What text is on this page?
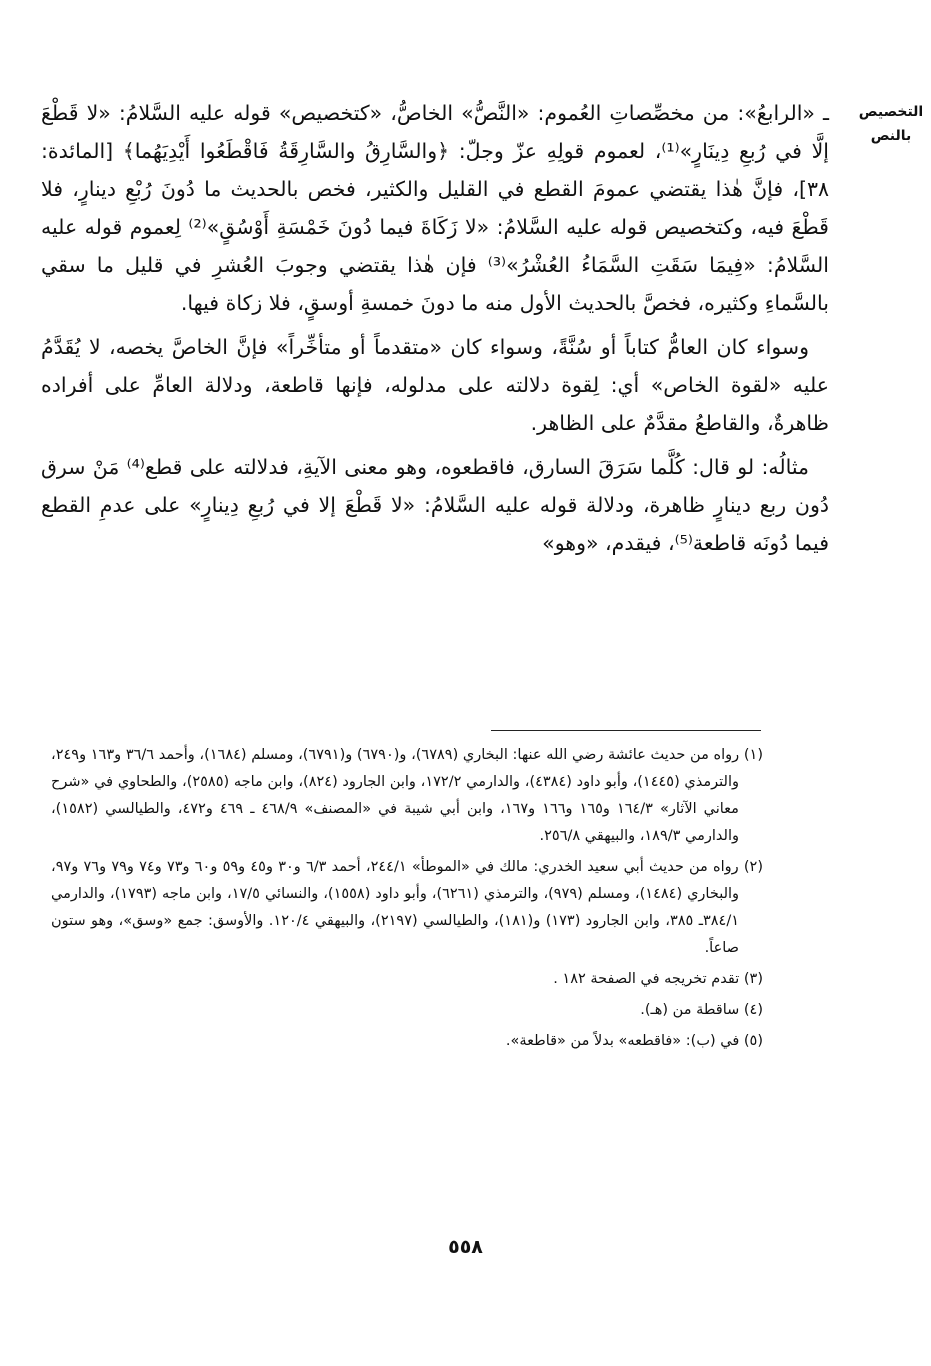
التخصيص بالنص

ـ «الرابعُ»: من مخصِّصاتِ العُموم: «النَّصُّ» الخاصُّ، «كتخصيص» قوله عليه السَّلامُ: «لا قَطْعَ إلَّا في رُبعِ دِينَارٍ»⁽¹⁾، لعموم قولِهِ عزّ وجلّ: ﴿والسَّارِقُ والسَّارِقَةُ فَاقْطَعُوا أَيْدِيَهُما﴾ [المائدة: ٣٨]، فإنَّ هٰذا يقتضي عمومَ القطع في القليل والكثير، فخص بالحديث ما دُونَ رُبْعِ دينارٍ، فلا قَطْعَ فيه، وكتخصيص قوله عليه السَّلامُ: «لا زَكَاةَ فيما دُونَ خَمْسَةِ أَوْسُقٍ»⁽²⁾ لِعموم قوله عليه السَّلامُ: «فِيمَا سَقَتِ السَّمَاءُ العُشْرُ»⁽³⁾ فإن هٰذا يقتضي وجوبَ العُشرِ في قليل ما سقي بالسَّماءِ وكثيره، فخصَّ بالحديث الأول منه ما دونَ خمسةِ أوسقٍ، فلا زكاة فيها.

وسواء كان العامُّ كتاباً أو سُنَّةً، وسواء كان «متقدماً أو متأخِّراً» فإنَّ الخاصَّ يخصه، لا يُقَدَّمُ عليه «لقوة الخاص» أي: لِقوة دلالته على مدلوله، فإنها قاطعة، ودلالة العامِّ على أفراده ظاهرةٌ، والقاطعُ مقدَّمٌ على الظاهر.

مثالُه: لو قال: كُلَّما سَرَقَ السارق، فاقطعوه، وهو معنى الآيةِ، فدلالته على قطع⁽⁴⁾ مَنْ سرق دُون ربع دينارٍ ظاهرة، ودلالة قوله عليه السَّلامُ: «لا قَطْعَ إلا في رُبعِ دِينارٍ» على عدمِ القطع فيما دُونَه قاطعة⁽⁵⁾، فيقدم، «وهو»

(١) رواه من حديث عائشة رضي الله عنها: البخاري (٦٧٨٩)، و(٦٧٩٠) و(٦٧٩١)، ومسلم (١٦٨٤)، وأحمد ٣٦/٦ و١٦٣ و٢٤٩، والترمذي (١٤٤٥)، وأبو داود (٤٣٨٤)، والدارمي ١٧٢/٢، وابن الجارود (٨٢٤)، وابن ماجه (٢٥٨٥)، والطحاوي في «شرح معاني الآثار» ١٦٤/٣ و١٦٥ و١٦٦ و١٦٧، وابن أبي شيبة في «المصنف» ٤٦٨/٩ ـ ٤٦٩ و٤٧٢، والطيالسي (١٥٨٢)، والدارمي ١٨٩/٣، والبيهقي ٢٥٦/٨.

(٢) رواه من حديث أبي سعيد الخدري: مالك في «الموطأ» ٢٤٤/١، أحمد ٦/٣ و٣٠ و٤٥ و٥٩ و٦٠ و٧٣ و٧٤ و٧٩ و٧٦ و٩٧، والبخاري (١٤٨٤)، ومسلم (٩٧٩)، والترمذي (٦٢٦١)، وأبو داود (١٥٥٨)، والنسائي ١٧/٥، وابن ماجه (١٧٩٣)، والدارمي ٣٨٤/١ـ ٣٨٥، وابن الجارود (١٧٣) و(١٨١)، والطيالسي (٢١٩٧)، والبيهقي ١٢٠/٤. والأوسق: جمع «وسق»، وهو ستون صاعاً.

(٣) تقدم تخريجه في الصفحة ١٨٢ .

(٤) ساقطة من (هـ).

(٥) في (ب): «فاقطعه» بدلاً من «قاطعة».

٥٥٨
